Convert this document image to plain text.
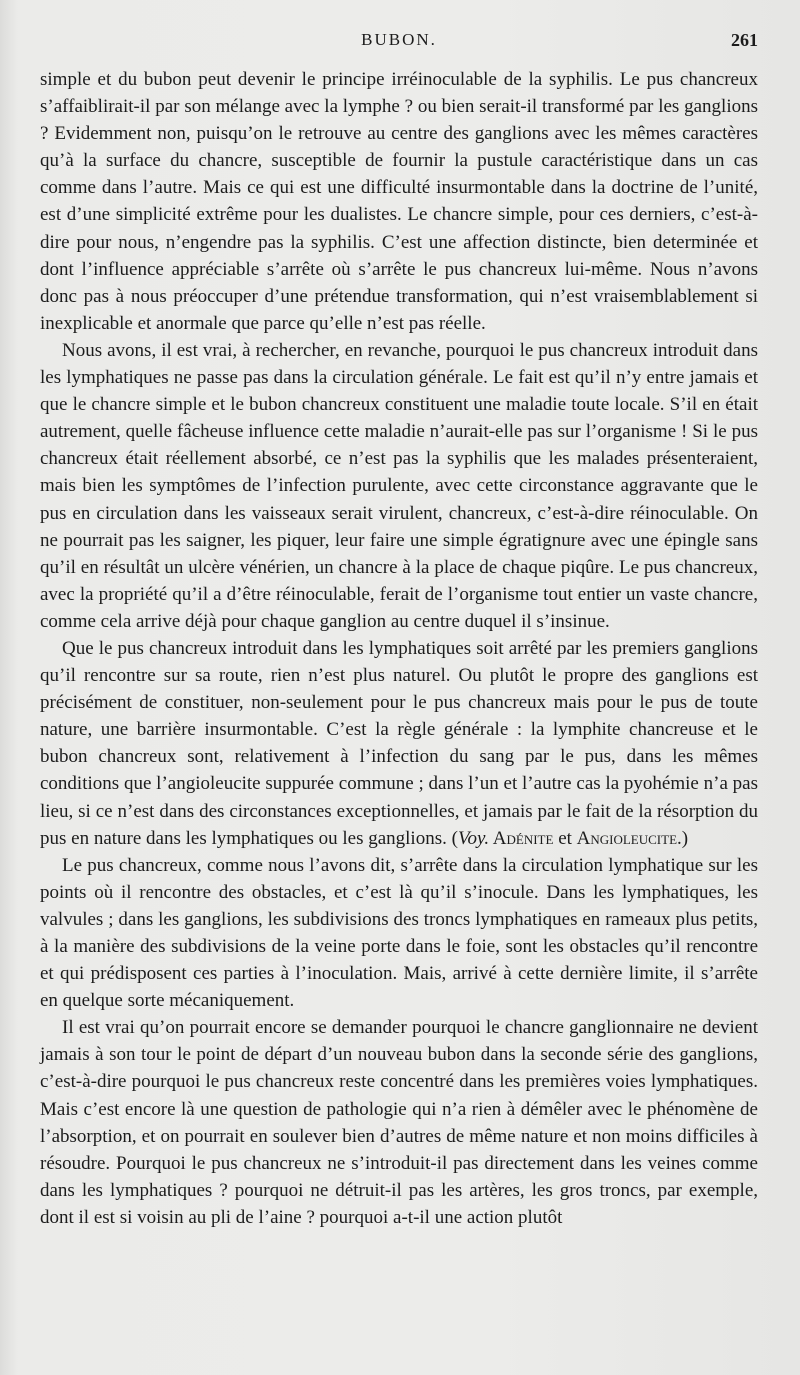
BUBON.	261

simple et du bubon peut devenir le principe irréinoculable de la syphilis. Le pus chancreux s’affaiblirait-il par son mélange avec la lymphe ? ou bien serait-il transformé par les ganglions ? Evidemment non, puisqu’on le retrouve au centre des ganglions avec les mêmes caractères qu’à la surface du chancre, susceptible de fournir la pustule caractéristique dans un cas comme dans l’autre. Mais ce qui est une difficulté insurmontable dans la doctrine de l’unité, est d’une simplicité extrême pour les dualistes. Le chancre simple, pour ces derniers, c’est-à-dire pour nous, n’engendre pas la syphilis. C’est une affection distincte, bien determinée et dont l’influence appréciable s’arrête où s’arrête le pus chancreux lui-même. Nous n’avons donc pas à nous préoccuper d’une prétendue transformation, qui n’est vraisemblablement si inexplicable et anormale que parce qu’elle n’est pas réelle.

Nous avons, il est vrai, à rechercher, en revanche, pourquoi le pus chancreux introduit dans les lymphatiques ne passe pas dans la circulation générale. Le fait est qu’il n’y entre jamais et que le chancre simple et le bubon chancreux constituent une maladie toute locale. S’il en était autrement, quelle fâcheuse influence cette maladie n’aurait-elle pas sur l’organisme ! Si le pus chancreux était réellement absorbé, ce n’est pas la syphilis que les malades présenteraient, mais bien les symptômes de l’infection purulente, avec cette circonstance aggravante que le pus en circulation dans les vaisseaux serait virulent, chancreux, c’est-à-dire réinoculable. On ne pourrait pas les saigner, les piquer, leur faire une simple égratignure avec une épingle sans qu’il en résultât un ulcère vénérien, un chancre à la place de chaque piqûre. Le pus chancreux, avec la propriété qu’il a d’être réinoculable, ferait de l’organisme tout entier un vaste chancre, comme cela arrive déjà pour chaque ganglion au centre duquel il s’insinue.

Que le pus chancreux introduit dans les lymphatiques soit arrêté par les premiers ganglions qu’il rencontre sur sa route, rien n’est plus naturel. Ou plutôt le propre des ganglions est précisément de constituer, non-seulement pour le pus chancreux mais pour le pus de toute nature, une barrière insurmontable. C’est la règle générale : la lymphite chancreuse et le bubon chancreux sont, relativement à l’infection du sang par le pus, dans les mêmes conditions que l’angioleucite suppurée commune ; dans l’un et l’autre cas la pyohémie n’a pas lieu, si ce n’est dans des circonstances exceptionnelles, et jamais par le fait de la résorption du pus en nature dans les lymphatiques ou les ganglions. (Voy. Adénite et Angioleucite.)

Le pus chancreux, comme nous l’avons dit, s’arrête dans la circulation lymphatique sur les points où il rencontre des obstacles, et c’est là qu’il s’inocule. Dans les lymphatiques, les valvules ; dans les ganglions, les subdivisions des troncs lymphatiques en rameaux plus petits, à la manière des subdivisions de la veine porte dans le foie, sont les obstacles qu’il rencontre et qui prédisposent ces parties à l’inoculation. Mais, arrivé à cette dernière limite, il s’arrête en quelque sorte mécaniquement.

Il est vrai qu’on pourrait encore se demander pourquoi le chancre ganglionnaire ne devient jamais à son tour le point de départ d’un nouveau bubon dans la seconde série des ganglions, c’est-à-dire pourquoi le pus chancreux reste concentré dans les premières voies lymphatiques. Mais c’est encore là une question de pathologie qui n’a rien à démêler avec le phénomène de l’absorption, et on pourrait en soulever bien d’autres de même nature et non moins difficiles à résoudre. Pourquoi le pus chancreux ne s’introduit-il pas directement dans les veines comme dans les lymphatiques ? pourquoi ne détruit-il pas les artères, les gros troncs, par exemple, dont il est si voisin au pli de l’aine ? pourquoi a-t-il une action plutôt
